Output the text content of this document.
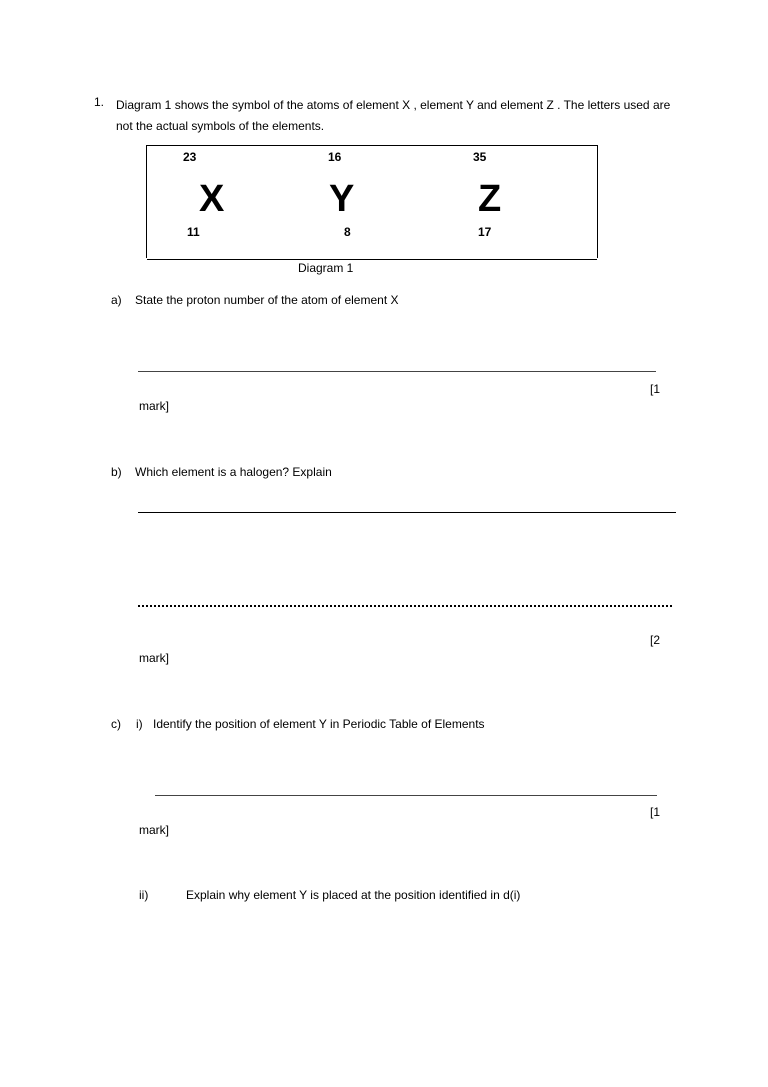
1. Diagram 1 shows the symbol of the atoms of element X , element Y and element Z . The letters used are not the actual symbols of the elements.
23
X
11
16
Y
8
35
Z
17
Diagram 1
a) State the proton number of the atom of element X
[1
mark]
b) Which element is a halogen? Explain
[2
mark]
c) i) Identify the position of element Y in Periodic Table of Elements
[1
mark]
ii)	Explain why element Y is placed at the position identified in d(i)
